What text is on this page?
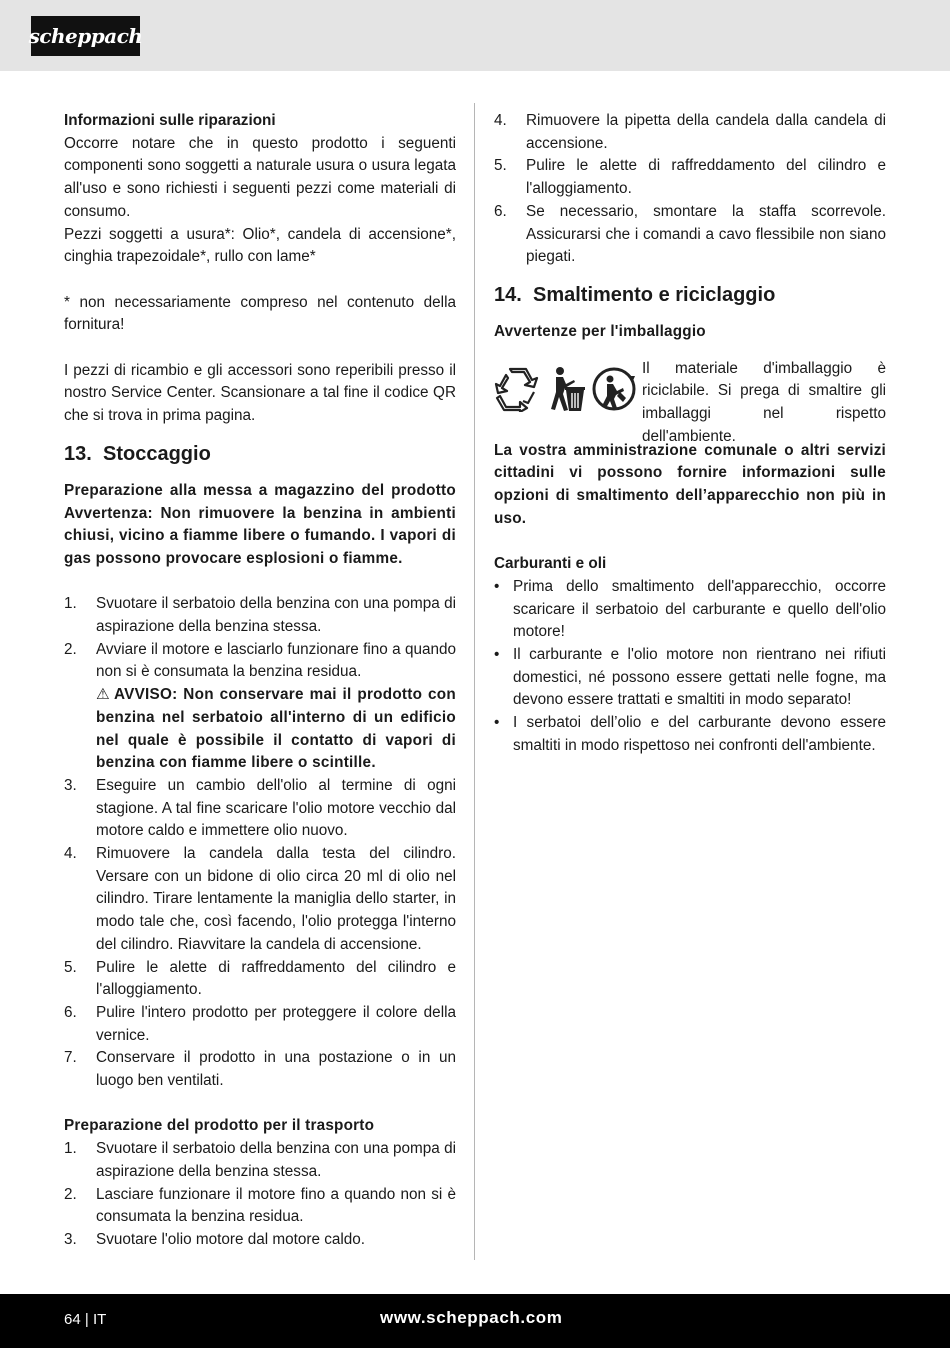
scheppach

Informazioni sulle riparazioni

Occorre notare che in questo prodotto i seguenti componenti sono soggetti a naturale usura o usura legata all'uso e sono richiesti i seguenti pezzi come materiali di consumo.

Pezzi soggetti a usura*: Olio*, candela di accensione*, cinghia trapezoidale*, rullo con lame*

* non necessariamente compreso nel contenuto della fornitura!

I pezzi di ricambio e gli accessori sono reperibili presso il nostro Service Center. Scansionare a tal fine il codice QR che si trova in prima pagina.

13. Stoccaggio

Preparazione alla messa a magazzino del prodotto Avvertenza: Non rimuovere la benzina in ambienti chiusi, vicino a fiamme libere o fumando. I vapori di gas possono provocare esplosioni o fiamme.

1. Svuotare il serbatoio della benzina con una pompa di aspirazione della benzina stessa.
2. Avviare il motore e lasciarlo funzionare fino a quando non si è consumata la benzina residua.
⚠ AVVISO: Non conservare mai il prodotto con benzina nel serbatoio all'interno di un edificio nel quale è possibile il contatto di vapori di benzina con fiamme libere o scintille.
3. Eseguire un cambio dell'olio al termine di ogni stagione. A tal fine scaricare l'olio motore vecchio dal motore caldo e immettere olio nuovo.
4. Rimuovere la candela dalla testa del cilindro. Versare con un bidone di olio circa 20 ml di olio nel cilindro. Tirare lentamente la maniglia dello starter, in modo tale che, così facendo, l'olio protegga l'interno del cilindro. Riavvitare la candela di accensione.
5. Pulire le alette di raffreddamento del cilindro e l'alloggiamento.
6. Pulire l'intero prodotto per proteggere il colore della vernice.
7. Conservare il prodotto in una postazione o in un luogo ben ventilati.

Preparazione del prodotto per il trasporto

1. Svuotare il serbatoio della benzina con una pompa di aspirazione della benzina stessa.
2. Lasciare funzionare il motore fino a quando non si è consumata la benzina residua.
3. Svuotare l'olio motore dal motore caldo.
4. Rimuovere la pipetta della candela dalla candela di accensione.
5. Pulire le alette di raffreddamento del cilindro e l'alloggiamento.
6. Se necessario, smontare la staffa scorrevole. Assicurarsi che i comandi a cavo flessibile non siano piegati.
14. Smaltimento e riciclaggio

Avvertenze per l'imballaggio

Il materiale d'imballaggio è riciclabile. Si prega di smaltire gli imballaggi nel rispetto dell'ambiente.

La vostra amministrazione comunale o altri servizi cittadini vi possono fornire informazioni sulle opzioni di smaltimento dell’apparecchio non più in uso.

Carburanti e oli

• Prima dello smaltimento dell'apparecchio, occorre scaricare il serbatoio del carburante e quello dell'olio motore!
• Il carburante e l'olio motore non rientrano nei rifiuti domestici, né possono essere gettati nelle fogne, ma devono essere trattati e smaltiti in modo separato!
• I serbatoi dell’olio e del carburante devono essere smaltiti in modo rispettoso nei confronti dell'ambiente.
64 | IT	www.scheppach.com
